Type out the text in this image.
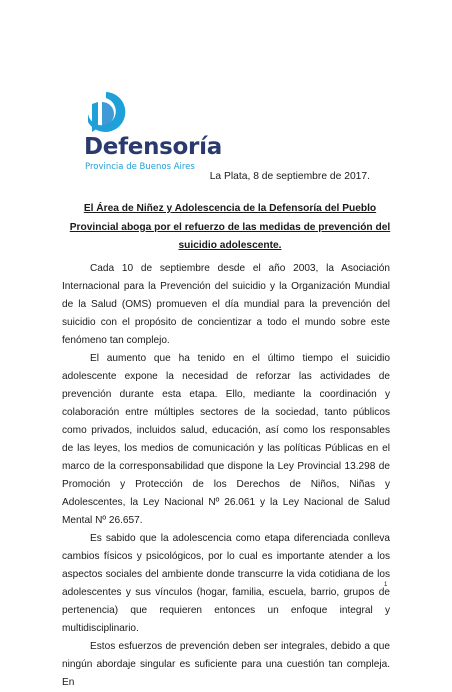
Defensoría
Provincia de Buenos Aires
La Plata, 8 de septiembre de 2017.
El Área de Niñez y Adolescencia de la Defensoría del Pueblo Provincial aboga por el refuerzo de las medidas de prevención del suicidio adolescente.

Cada 10 de septiembre desde el año 2003, la Asociación Internacional para la Prevención del suicidio y la Organización Mundial de la Salud (OMS) promueven el día mundial para la prevención del suicidio con el propósito de concientizar a todo el mundo sobre este fenómeno tan complejo.

El aumento que ha tenido en el último tiempo el suicidio adolescente expone la necesidad de reforzar las actividades de prevención durante esta etapa. Ello, mediante la coordinación y colaboración entre múltiples sectores de la sociedad, tanto públicos como privados, incluidos salud, educación, así como los responsables de las leyes, los medios de comunicación y las políticas Públicas en el marco de la corresponsabilidad que dispone la Ley Provincial 13.298 de Promoción y Protección de los Derechos de Niños, Niñas y Adolescentes, la Ley Nacional Nº 26.061 y la Ley Nacional de Salud Mental Nº 26.657.

Es sabido que la adolescencia como etapa diferenciada conlleva cambios físicos y psicológicos, por lo cual es importante atender a los aspectos sociales del ambiente donde transcurre la vida cotidiana de los adolescentes y sus vínculos (hogar, familia, escuela, barrio, grupos de pertenencia) que requieren entonces un enfoque integral y multidisciplinario.

Estos esfuerzos de prevención deben ser integrales, debido a que ningún abordaje singular es suficiente para una cuestión tan compleja. En

1
